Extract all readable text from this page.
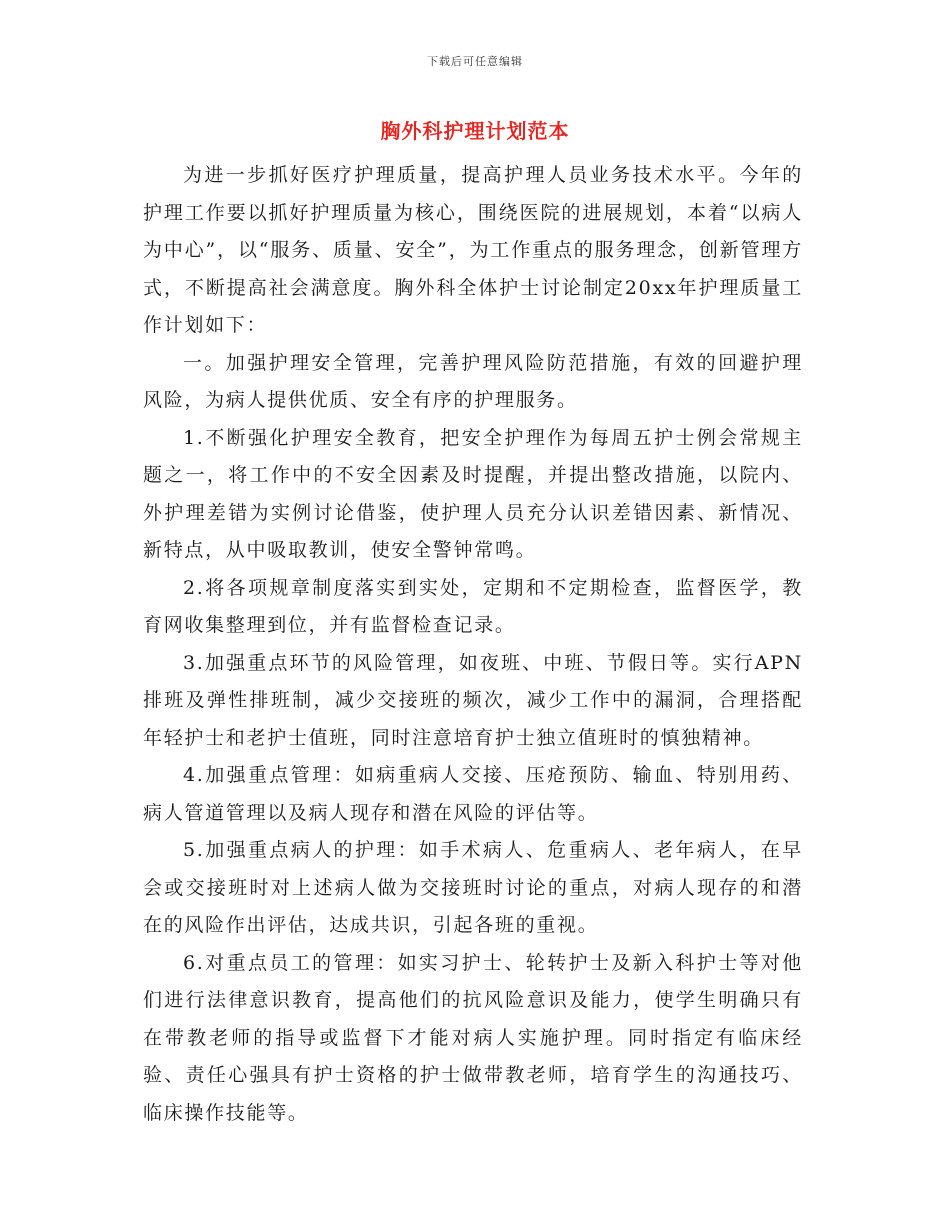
下载后可任意编辑
胸外科护理计划范本

为进一步抓好医疗护理质量，提高护理人员业务技术水平。今年的护理工作要以抓好护理质量为核心，围绕医院的进展规划，本着“以病人为中心”，以“服务、质量、安全”，为工作重点的服务理念，创新管理方式，不断提高社会满意度。胸外科全体护士讨论制定20xx年护理质量工作计划如下：

一。加强护理安全管理，完善护理风险防范措施，有效的回避护理风险，为病人提供优质、安全有序的护理服务。

1.不断强化护理安全教育，把安全护理作为每周五护士例会常规主题之一，将工作中的不安全因素及时提醒，并提出整改措施，以院内、外护理差错为实例讨论借鉴，使护理人员充分认识差错因素、新情况、新特点，从中吸取教训，使安全警钟常鸣。

2.将各项规章制度落实到实处，定期和不定期检查，监督医学，教育网收集整理到位，并有监督检查记录。

3.加强重点环节的风险管理，如夜班、中班、节假日等。实行APN排班及弹性排班制，减少交接班的频次，减少工作中的漏洞，合理搭配年轻护士和老护士值班，同时注意培育护士独立值班时的慎独精神。

4.加强重点管理：如病重病人交接、压疮预防、输血、特别用药、病人管道管理以及病人现存和潜在风险的评估等。

5.加强重点病人的护理：如手术病人、危重病人、老年病人，在早会或交接班时对上述病人做为交接班时讨论的重点，对病人现存的和潜在的风险作出评估，达成共识，引起各班的重视。

6.对重点员工的管理：如实习护士、轮转护士及新入科护士等对他们进行法律意识教育，提高他们的抗风险意识及能力，使学生明确只有在带教老师的指导或监督下才能对病人实施护理。同时指定有临床经验、责任心强具有护士资格的护士做带教老师，培育学生的沟通技巧、临床操作技能等。
